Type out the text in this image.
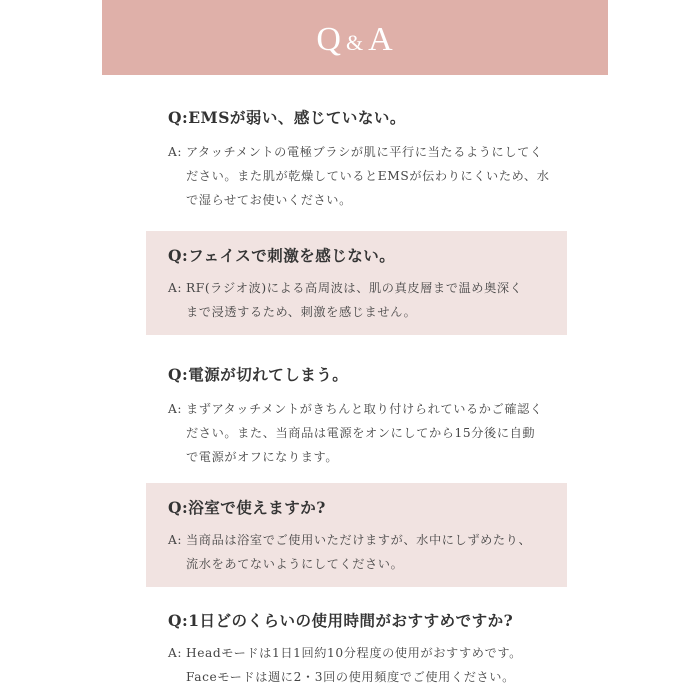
Q & A
Q:EMSが弱い、感じていない。
A: アタッチメントの電極ブラシが肌に平行に当たるようにしてく
ださい。また肌が乾燥しているとEMSが伝わりにくいため、水
で湿らせてお使いください。
Q:フェイスで刺激を感じない。
A: RF(ラジオ波)による高周波は、肌の真皮層まで温め奥深く
まで浸透するため、刺激を感じません。
Q:電源が切れてしまう。
A: まずアタッチメントがきちんと取り付けられているかご確認く
ださい。また、当商品は電源をオンにしてから15分後に自動
で電源がオフになります。
Q:浴室で使えますか?
A: 当商品は浴室でご使用いただけますが、水中にしずめたり、
流水をあてないようにしてください。
Q:1日どのくらいの使用時間がおすすめですか?
A: Headモードは1日1回約10分程度の使用がおすすめです。
Faceモードは週に2・3回の使用頻度でご使用ください。
